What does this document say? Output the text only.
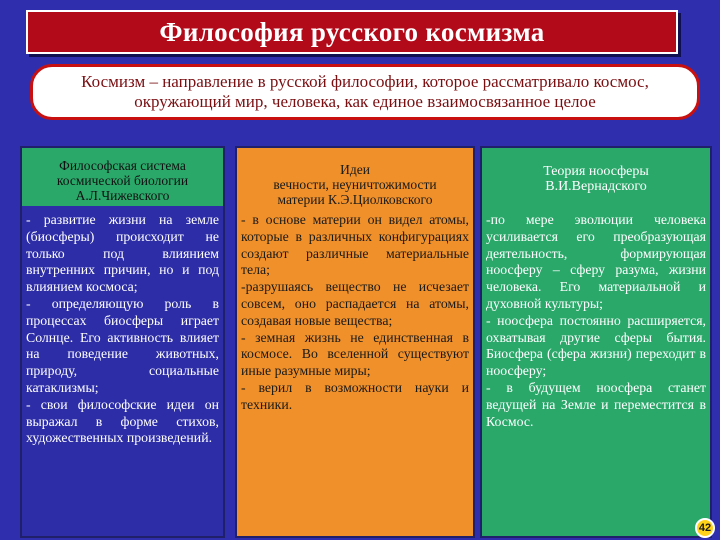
Философия русского космизма
Космизм – направление в русской философии, которое рассматривало космос, окружающий мир, человека, как единое взаимосвязанное целое
Философская система
космической биологии
А.Л.Чижевского

- развитие жизни на земле (биосферы) происходит не только под влиянием внутренних причин, но и под влиянием космоса;

- определяющую роль в процессах биосферы играет Солнце. Его активность влияет на поведение животных, природу, социальные катаклизмы;

- свои философские идеи он выражал в форме стихов, художественных произведений.

Идеи
вечности, неуничтожимости
материи К.Э.Циолковского

- в основе материи он видел атомы, которые в различных конфигурациях создают различные материальные тела;

-разрушаясь вещество не исчезает совсем, оно распадается на атомы, создавая новые вещества;

- земная жизнь не единственная в космосе. Во вселенной существуют иные разумные миры;

- верил в возможности науки и техники.

Теория ноосферы
В.И.Вернадского

-по мере эволюции человека усиливается его преобразующая деятельность, формирующая ноосферу – сферу разума, жизни человека. Его материальной и духовной культуры;

- ноосфера постоянно расширяется, охватывая другие сферы бытия. Биосфера (сфера жизни) переходит в ноосферу;

- в будущем ноосфера станет ведущей на Земле и переместится в Космос.

42
